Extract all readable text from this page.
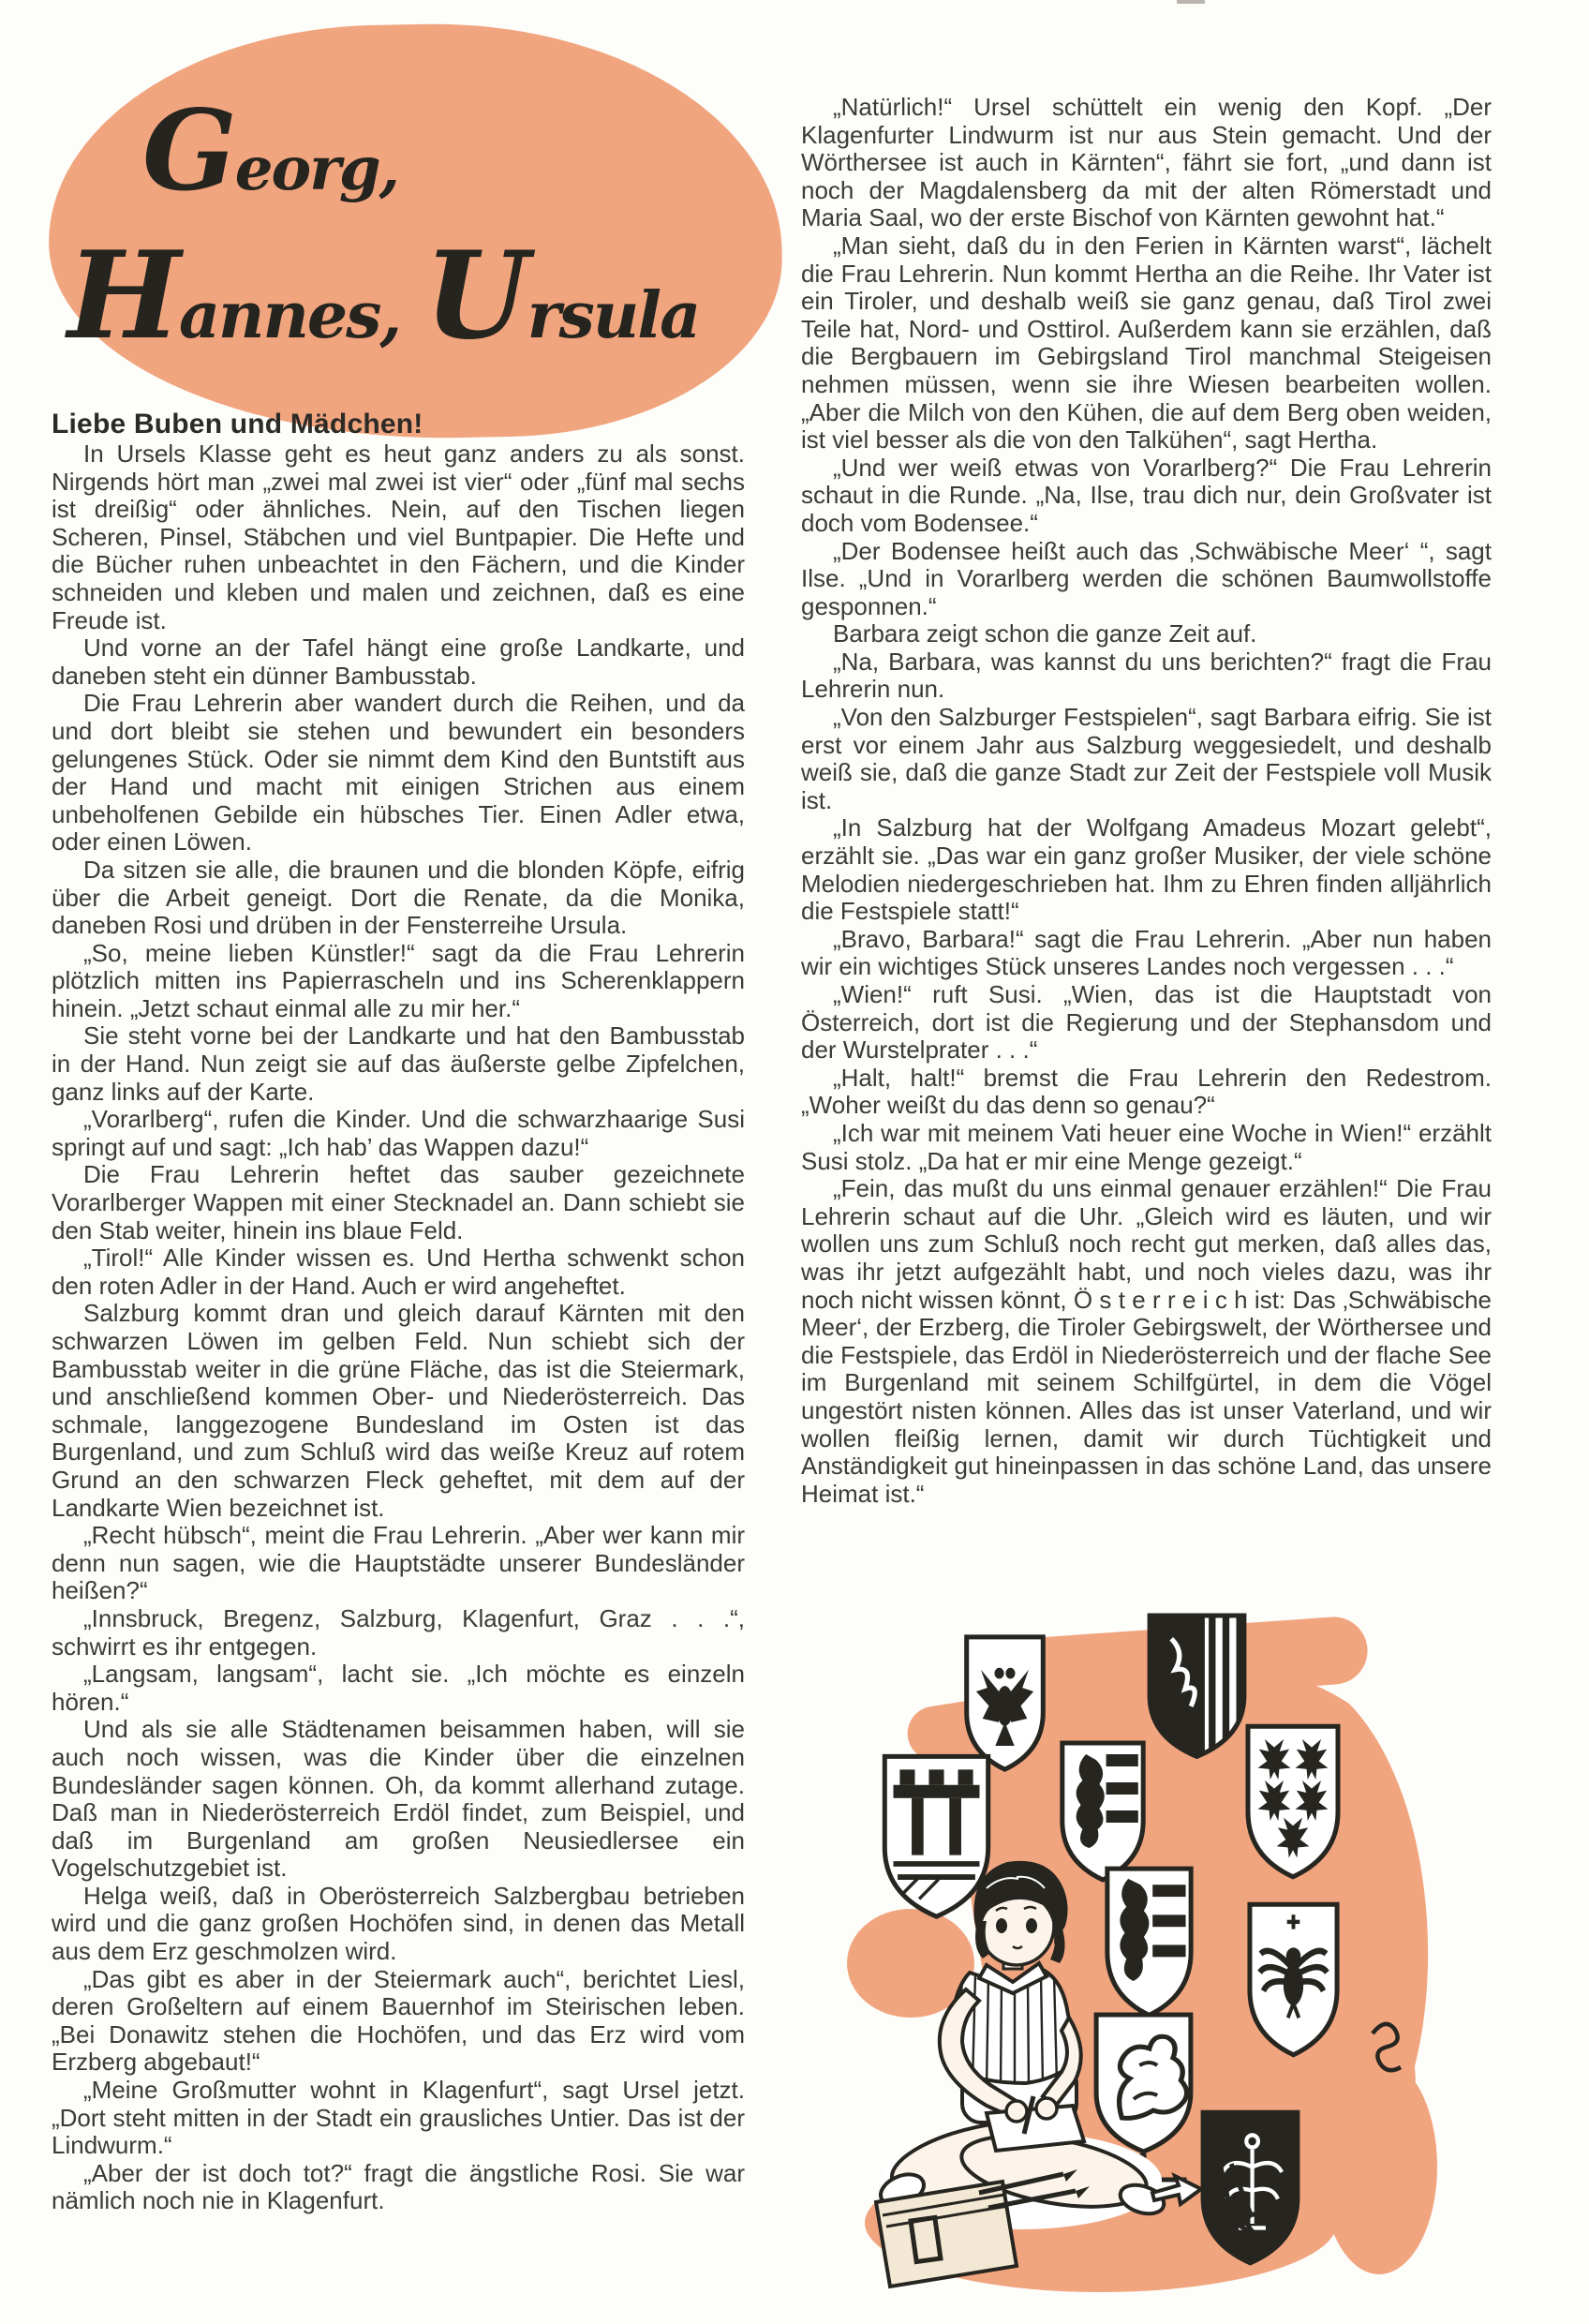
Georg,
Hannes, Ursula
Liebe Buben und Mädchen!

In Ursels Klasse geht es heut ganz anders zu als sonst. Nirgends hört man „zwei mal zwei ist vier“ oder „fünf mal sechs ist dreißig“ oder ähnliches. Nein, auf den Tischen liegen Scheren, Pinsel, Stäbchen und viel Buntpapier. Die Hefte und die Bücher ruhen unbeachtet in den Fächern, und die Kinder schneiden und kleben und malen und zeichnen, daß es eine Freude ist.

Und vorne an der Tafel hängt eine große Landkarte, und daneben steht ein dünner Bambusstab.

Die Frau Lehrerin aber wandert durch die Reihen, und da und dort bleibt sie stehen und bewundert ein besonders gelungenes Stück. Oder sie nimmt dem Kind den Buntstift aus der Hand und macht mit einigen Strichen aus einem unbeholfenen Gebilde ein hübsches Tier. Einen Adler etwa, oder einen Löwen.

Da sitzen sie alle, die braunen und die blonden Köpfe, eifrig über die Arbeit geneigt. Dort die Renate, da die Monika, daneben Rosi und drüben in der Fensterreihe Ursula.

„So, meine lieben Künstler!“ sagt da die Frau Lehrerin plötzlich mitten ins Papierrascheln und ins Scherenklappern hinein. „Jetzt schaut einmal alle zu mir her.“

Sie steht vorne bei der Landkarte und hat den Bambusstab in der Hand. Nun zeigt sie auf das äußerste gelbe Zipfelchen, ganz links auf der Karte.

„Vorarlberg“, rufen die Kinder. Und die schwarzhaarige Susi springt auf und sagt: „Ich hab’ das Wappen dazu!“

Die Frau Lehrerin heftet das sauber gezeichnete Vorarlberger Wappen mit einer Stecknadel an. Dann schiebt sie den Stab weiter, hinein ins blaue Feld.

„Tirol!“ Alle Kinder wissen es. Und Hertha schwenkt schon den roten Adler in der Hand. Auch er wird angeheftet.

Salzburg kommt dran und gleich darauf Kärnten mit den schwarzen Löwen im gelben Feld. Nun schiebt sich der Bambusstab weiter in die grüne Fläche, das ist die Steiermark, und anschließend kommen Ober- und Niederösterreich. Das schmale, langgezogene Bundesland im Osten ist das Burgenland, und zum Schluß wird das weiße Kreuz auf rotem Grund an den schwarzen Fleck geheftet, mit dem auf der Landkarte Wien bezeichnet ist.

„Recht hübsch“, meint die Frau Lehrerin. „Aber wer kann mir denn nun sagen, wie die Hauptstädte unserer Bundesländer heißen?“

„Innsbruck, Bregenz, Salzburg, Klagenfurt, Graz . . .“, schwirrt es ihr entgegen.

„Langsam, langsam“, lacht sie. „Ich möchte es einzeln hören.“

Und als sie alle Städtenamen beisammen haben, will sie auch noch wissen, was die Kinder über die einzelnen Bundesländer sagen können. Oh, da kommt allerhand zutage. Daß man in Niederösterreich Erdöl findet, zum Beispiel, und daß im Burgenland am großen Neusiedlersee ein Vogelschutzgebiet ist.

Helga weiß, daß in Oberösterreich Salzbergbau betrieben wird und die ganz großen Hochöfen sind, in denen das Metall aus dem Erz geschmolzen wird.

„Das gibt es aber in der Steiermark auch“, berichtet Liesl, deren Großeltern auf einem Bauernhof im Steirischen leben. „Bei Donawitz stehen die Hochöfen, und das Erz wird vom Erzberg abgebaut!“

„Meine Großmutter wohnt in Klagenfurt“, sagt Ursel jetzt. „Dort steht mitten in der Stadt ein grausliches Untier. Das ist der Lindwurm.“

„Aber der ist doch tot?“ fragt die ängstliche Rosi. Sie war nämlich noch nie in Klagenfurt.

„Natürlich!“ Ursel schüttelt ein wenig den Kopf. „Der Klagenfurter Lindwurm ist nur aus Stein gemacht. Und der Wörthersee ist auch in Kärnten“, fährt sie fort, „und dann ist noch der Magdalensberg da mit der alten Römerstadt und Maria Saal, wo der erste Bischof von Kärnten gewohnt hat.“

„Man sieht, daß du in den Ferien in Kärnten warst“, lächelt die Frau Lehrerin. Nun kommt Hertha an die Reihe. Ihr Vater ist ein Tiroler, und deshalb weiß sie ganz genau, daß Tirol zwei Teile hat, Nord- und Osttirol. Außerdem kann sie erzählen, daß die Bergbauern im Gebirgsland Tirol manchmal Steigeisen nehmen müssen, wenn sie ihre Wiesen bearbeiten wollen. „Aber die Milch von den Kühen, die auf dem Berg oben weiden, ist viel besser als die von den Talkühen“, sagt Hertha.

„Und wer weiß etwas von Vorarlberg?“ Die Frau Lehrerin schaut in die Runde. „Na, Ilse, trau dich nur, dein Großvater ist doch vom Bodensee.“

„Der Bodensee heißt auch das ‚Schwäbische Meer‘ “, sagt Ilse. „Und in Vorarlberg werden die schönen Baumwollstoffe gesponnen.“

Barbara zeigt schon die ganze Zeit auf.

„Na, Barbara, was kannst du uns berichten?“ fragt die Frau Lehrerin nun.

„Von den Salzburger Festspielen“, sagt Barbara eifrig. Sie ist erst vor einem Jahr aus Salzburg weggesiedelt, und deshalb weiß sie, daß die ganze Stadt zur Zeit der Festspiele voll Musik ist.

„In Salzburg hat der Wolfgang Amadeus Mozart gelebt“, erzählt sie. „Das war ein ganz großer Musiker, der viele schöne Melodien niedergeschrieben hat. Ihm zu Ehren finden alljährlich die Festspiele statt!“

„Bravo, Barbara!“ sagt die Frau Lehrerin. „Aber nun haben wir ein wichtiges Stück unseres Landes noch vergessen . . .“

„Wien!“ ruft Susi. „Wien, das ist die Hauptstadt von Österreich, dort ist die Regierung und der Stephansdom und der Wurstelprater . . .“

„Halt, halt!“ bremst die Frau Lehrerin den Redestrom. „Woher weißt du das denn so genau?“

„Ich war mit meinem Vati heuer eine Woche in Wien!“ erzählt Susi stolz. „Da hat er mir eine Menge gezeigt.“

„Fein, das mußt du uns einmal genauer erzählen!“ Die Frau Lehrerin schaut auf die Uhr. „Gleich wird es läuten, und wir wollen uns zum Schluß noch recht gut merken, daß alles das, was ihr jetzt aufgezählt habt, und noch vieles dazu, was ihr noch nicht wissen könnt, Ö s t e r r e i c h ist: Das ‚Schwäbische Meer‘, der Erzberg, die Tiroler Gebirgswelt, der Wörthersee und die Festspiele, das Erdöl in Niederösterreich und der flache See im Burgenland mit seinem Schilfgürtel, in dem die Vögel ungestört nisten können. Alles das ist unser Vaterland, und wir wollen fleißig lernen, damit wir durch Tüchtigkeit und Anständigkeit gut hineinpassen in das schöne Land, das unsere Heimat ist.“
